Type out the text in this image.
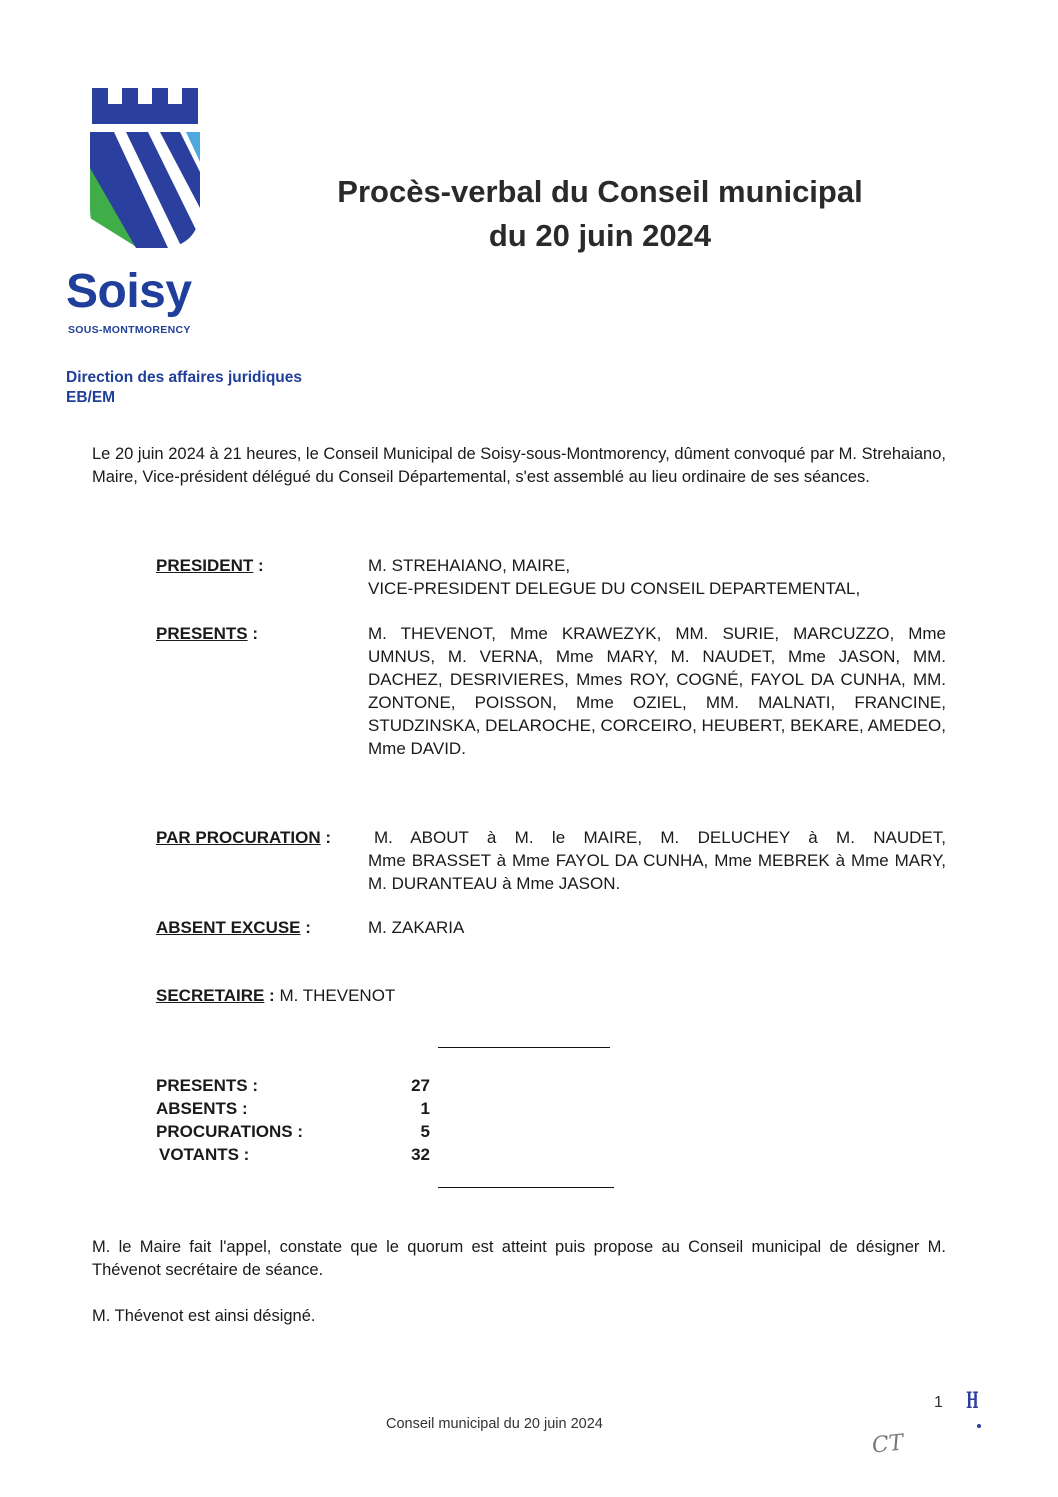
Soisy
SOUS-MONTMORENCY
Procès-verbal du Conseil municipal
du 20 juin 2024
Direction des affaires juridiques
EB/EM
Le 20 juin 2024 à 21 heures, le Conseil Municipal de Soisy-sous-Montmorency, dûment convoqué par M. Strehaiano, Maire, Vice-président délégué du Conseil Départemental, s'est assemblé au lieu ordinaire de ses séances.
PRESIDENT :	M. STREHAIANO, MAIRE,
VICE-PRESIDENT DELEGUE DU CONSEIL DEPARTEMENTAL,
PRESENTS :	M. THEVENOT, Mme KRAWEZYK, MM. SURIE, MARCUZZO, Mme UMNUS, M. VERNA, Mme MARY, M. NAUDET, Mme JASON, MM. DACHEZ, DESRIVIERES, Mmes ROY, COGNÉ, FAYOL DA CUNHA, MM. ZONTONE, POISSON, Mme OZIEL, MM. MALNATI, FRANCINE, STUDZINSKA, DELAROCHE, CORCEIRO, HEUBERT, BEKARE, AMEDEO, Mme DAVID.
PAR PROCURATION :	M. ABOUT à M. le MAIRE, M. DELUCHEY à M. NAUDET,
Mme BRASSET à Mme FAYOL DA CUNHA, Mme MEBREK à Mme MARY, M. DURANTEAU à Mme JASON.
ABSENT EXCUSE :	M. ZAKARIA
SECRETAIRE : M. THEVENOT
PRESENTS :	27
ABSENTS :	1
PROCURATIONS :	5
VOTANTS :	32
M. le Maire fait l'appel, constate que le quorum est atteint puis propose au Conseil municipal de désigner M. Thévenot secrétaire de séance.
M. Thévenot est ainsi désigné.
Conseil municipal du 20 juin 2024
1 H
CT
